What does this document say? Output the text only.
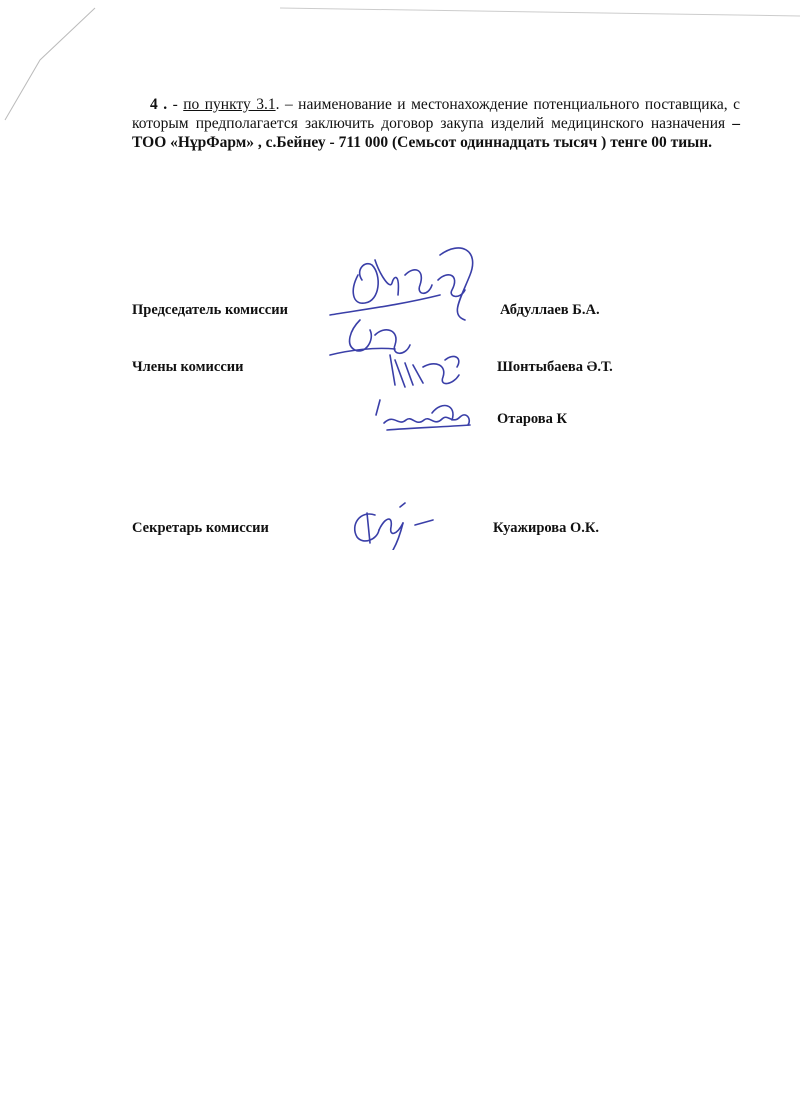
4 . - по пункту 3.1. – наименование и местонахождение потенциального поставщика, с которым предполагается заключить договор закупа изделий медицинского назначения – ТОО «НұрФарм» , с.Бейнеу - 711 000 (Семьсот одиннадцать тысяч ) тенге 00 тиын.
Председатель комиссии	Абдуллаев Б.А.
Члены комиссии	Шонтыбаева Ә.Т.
Отарова К
Секретарь комиссии	Куажирова О.К.
